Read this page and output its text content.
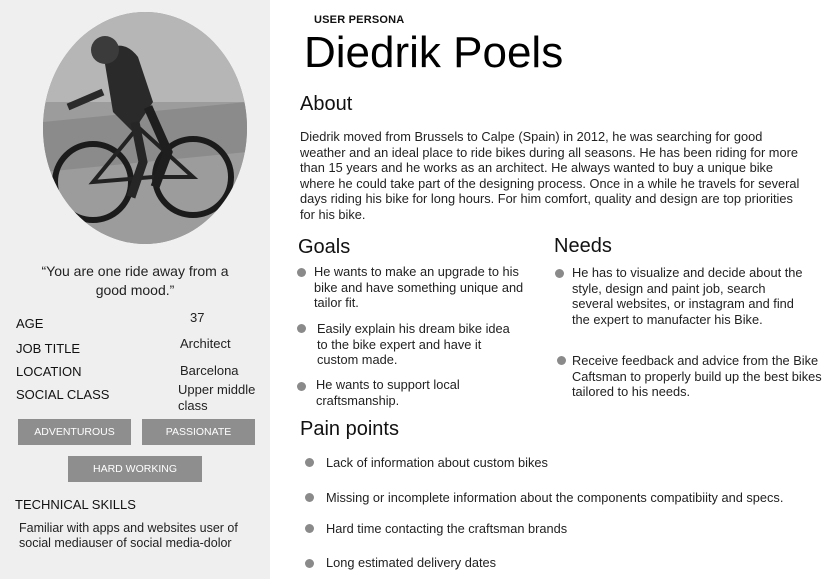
“You are one ride away from a good mood.”
AGE	37
JOB TITLE	Architect
LOCATION	Barcelona
SOCIAL CLASS	Upper middle class
ADVENTUROUS	PASSIONATE
HARD WORKING
TECHNICAL SKILLS
Familiar with apps and websites user of social mediauser of social media-dolor
USER PERSONA
Diedrik Poels
About
Diedrik moved from Brussels to Calpe (Spain) in 2012, he was searching for good weather and an ideal place to ride bikes during all seasons. He has been riding for more than 15 years and he works as an architect. He always wanted to buy a unique bike where he could take part of the designing process. Once in a while he travels for several days riding his bike for long hours. For him comfort, quality and design are top priorities for his bike.
Goals
He wants to make an upgrade to his bike and have something unique and tailor fit.
Easily explain his dream bike idea to the bike expert and have it custom made.
He wants to support local craftsmanship.
Needs
He has to visualize and decide about the style, design and paint job, search several websites, or instagram and find the expert to manufacter his Bike.
Receive feedback and advice from the Bike Caftsman to properly build up the best bikes tailored to his needs.
Pain points
Lack of information about custom bikes
Missing or incomplete information about the components compatibiity and specs.
Hard time contacting the craftsman brands
Long estimated delivery dates
